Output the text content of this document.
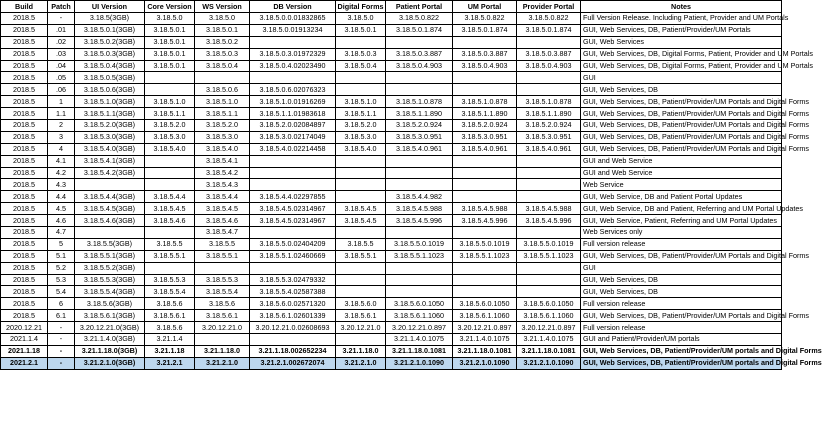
Build	Patch	UI Version	Core Version	WS Version	DB Version	Digital Forms	Patient Portal	UM Portal	Provider Portal	Notes
2018.5	-	3.18.5(3GB)	3.18.5.0	3.18.5.0	3.18.5.0.0.01832865	3.18.5.0	3.18.5.0.822	3.18.5.0.822	3.18.5.0.822	Full Version Release. Including Patient, Provider and UM Portals
2018.5	.01	3.18.5.0.1(3GB)	3.18.5.0.1	3.18.5.0.1	3.18.5.0.01913234	3.18.5.0.1	3.18.5.0.1.874	3.18.5.0.1.874	3.18.5.0.1.874	GUI, Web Services, DB, Patient/Provider/UM Portals
2018.5	.02	3.18.5.0.2(3GB)	3.18.5.0.1	3.18.5.0.2						GUI, Web Services
2018.5	.03	3.18.5.0.3(3GB)	3.18.5.0.1	3.18.5.0.3	3.18.5.0.3.01972329	3.18.5.0.3	3.18.5.0.3.887	3.18.5.0.3.887	3.18.5.0.3.887	GUI, Web Services, DB, Digital Forms, Patient, Provider and UM Portals
2018.5	.04	3.18.5.0.4(3GB)	3.18.5.0.1	3.18.5.0.4	3.18.5.0.4.02023490	3.18.5.0.4	3.18.5.0.4.903	3.18.5.0.4.903	3.18.5.0.4.903	GUI, Web Services, DB, Digital Forms, Patient, Provider and UM Portals
2018.5	.05	3.18.5.0.5(3GB)								GUI
2018.5	.06	3.18.5.0.6(3GB)		3.18.5.0.6	3.18.5.0.6.02076323					GUI, Web Services, DB
2018.5	1	3.18.5.1.0(3GB)	3.18.5.1.0	3.18.5.1.0	3.18.5.1.0.01916269	3.18.5.1.0	3.18.5.1.0.878	3.18.5.1.0.878	3.18.5.1.0.878	GUI, Web Services, DB, Patient/Provider/UM Portals and Digital Forms
2018.5	1.1	3.18.5.1.1(3GB)	3.18.5.1.1	3.18.5.1.1	3.18.5.1.1.01983618	3.18.5.1.1	3.18.5.1.1.890	3.18.5.1.1.890	3.18.5.1.1.890	GUI, Web Services, DB, Patient/Provider/UM Portals and Digital Forms
2018.5	2	3.18.5.2.0(3GB)	3.18.5.2.0	3.18.5.2.0	3.18.5.2.0.02084897	3.18.5.2.0	3.18.5.2.0.924	3.18.5.2.0.924	3.18.5.2.0.924	GUI, Web Services, DB, Patient/Provider/UM Portals and Digital Forms
2018.5	3	3.18.5.3.0(3GB)	3.18.5.3.0	3.18.5.3.0	3.18.5.3.0.02174049	3.18.5.3.0	3.18.5.3.0.951	3.18.5.3.0.951	3.18.5.3.0.951	GUI, Web Services, DB, Patient/Provider/UM Portals and Digital Forms
2018.5	4	3.18.5.4.0(3GB)	3.18.5.4.0	3.18.5.4.0	3.18.5.4.0.02214458	3.18.5.4.0	3.18.5.4.0.961	3.18.5.4.0.961	3.18.5.4.0.961	GUI, Web Services, DB, Patient/Provider/UM Portals and Digital Forms
2018.5	4.1	3.18.5.4.1(3GB)		3.18.5.4.1						GUI and Web Service
2018.5	4.2	3.18.5.4.2(3GB)		3.18.5.4.2						GUI and Web Service
2018.5	4.3			3.18.5.4.3						Web Service
2018.5	4.4	3.18.5.4.4(3GB)	3.18.5.4.4	3.18.5.4.4	3.18.5.4.4.02297855		3.18.5.4.4.982			GUI, Web Service, DB and Patient Portal Updates
2018.5	4.5	3.18.5.4.5(3GB)	3.18.5.4.5	3.18.5.4.5	3.18.5.4.5.02314967	3.18.5.4.5	3.18.5.4.5.988	3.18.5.4.5.988	3.18.5.4.5.988	GUI, Web Service, DB and Patient, Referring and UM Portal Updates
2018.5	4.6	3.18.5.4.6(3GB)	3.18.5.4.6	3.18.5.4.6	3.18.5.4.5.02314967	3.18.5.4.5	3.18.5.4.5.996	3.18.5.4.5.996	3.18.5.4.5.996	GUI, Web Service, Patient, Referring and UM Portal Updates
2018.5	4.7			3.18.5.4.7						Web Services only
2018.5	5	3.18.5.5(3GB)	3.18.5.5	3.18.5.5	3.18.5.5.0.02404209	3.18.5.5	3.18.5.5.0.1019	3.18.5.5.0.1019	3.18.5.5.0.1019	Full version release
2018.5	5.1	3.18.5.5.1(3GB)	3.18.5.5.1	3.18.5.5.1	3.18.5.5.1.02460669	3.18.5.5.1	3.18.5.5.1.1023	3.18.5.5.1.1023	3.18.5.5.1.1023	GUI, Web Services, DB, Patient/Provider/UM Portals and Digital Forms
2018.5	5.2	3.18.5.5.2(3GB)								GUI
2018.5	5.3	3.18.5.5.3(3GB)	3.18.5.5.3	3.18.5.5.3	3.18.5.5.3.02479332					GUI, Web Services, DB
2018.5	5.4	3.18.5.5.4(3GB)	3.18.5.5.4	3.18.5.5.4	3.18.5.5.4.02587388					GUI, Web Services, DB
2018.5	6	3.18.5.6(3GB)	3.18.5.6	3.18.5.6	3.18.5.6.0.02571320	3.18.5.6.0	3.18.5.6.0.1050	3.18.5.6.0.1050	3.18.5.6.0.1050	Full version release
2018.5	6.1	3.18.5.6.1(3GB)	3.18.5.6.1	3.18.5.6.1	3.18.5.6.1.02601339	3.18.5.6.1	3.18.5.6.1.1060	3.18.5.6.1.1060	3.18.5.6.1.1060	GUI, Web Services, DB, Patient/Provider/UM Portals and Digital Forms
2020.12.21	-	3.20.12.21.0(3GB)	3.18.5.6	3.20.12.21.0	3.20.12.21.0.02608693	3.20.12.21.0	3.20.12.21.0.897	3.20.12.21.0.897	3.20.12.21.0.897	Full version release
2021.1.4	-	3.21.1.4.0(3GB)	3.21.1.4				3.21.1.4.0.1075	3.21.1.4.0.1075	3.21.1.4.0.1075	GUI and Patient/Provider/UM portals
2021.1.18	-	3.21.1.18.0(3GB)	3.21.1.18	3.21.1.18.0	3.21.1.18.002652234	3.21.1.18.0	3.21.1.18.0.1081	3.21.1.18.0.1081	3.21.1.18.0.1081	GUI, Web Services, DB, Patient/Provider/UM portals and Digital Forms
2021.2.1	-	3.21.2.1.0(3GB)	3.21.2.1	3.21.2.1.0	3.21.2.1.002672074	3.21.2.1.0	3.21.2.1.0.1090	3.21.2.1.0.1090	3.21.2.1.0.1090	GUI, Web Services, DB, Patient/Provider/UM portals and Digital Forms
